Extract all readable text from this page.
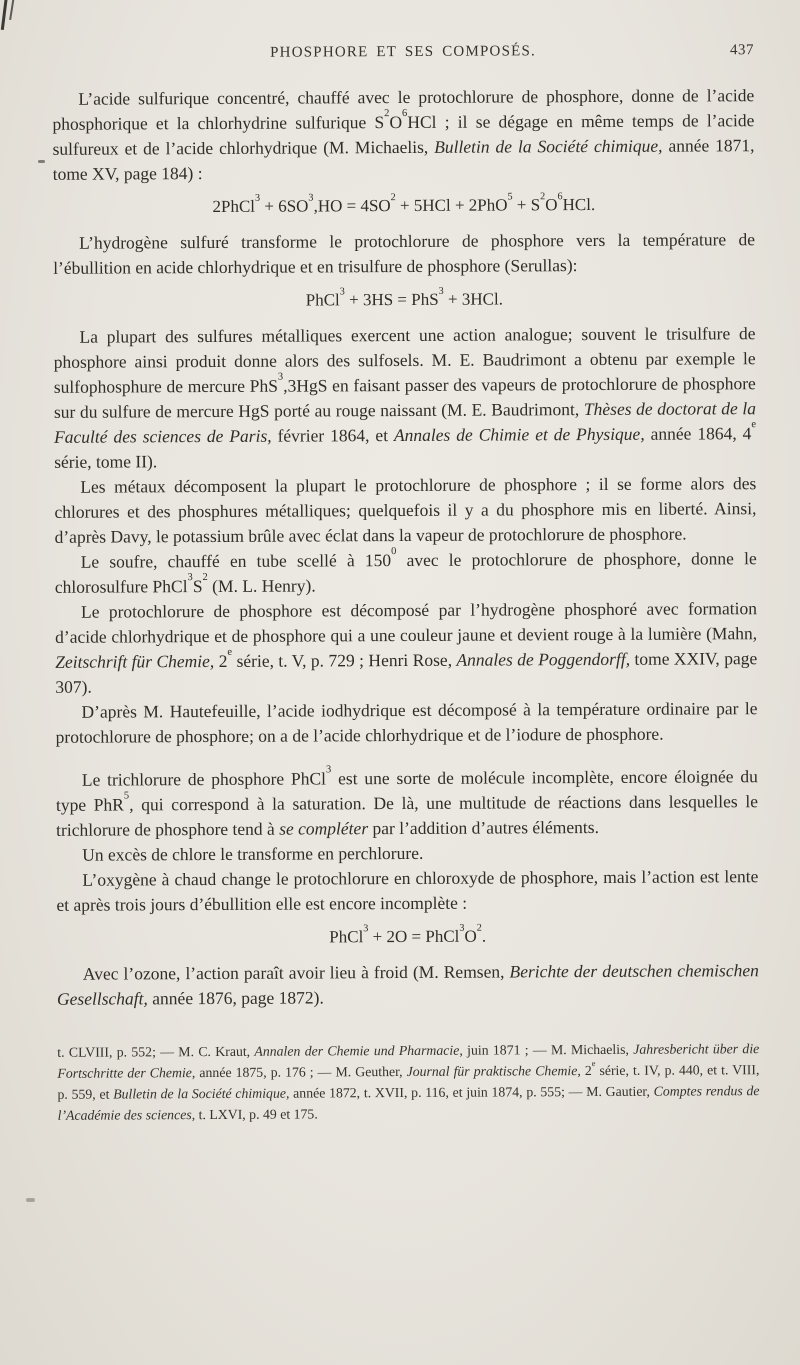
PHOSPHORE ET SES COMPOSÉS.	437

L’acide sulfurique concentré, chauffé avec le protochlorure de phosphore, donne de l’acide phosphorique et la chlorhydrine sulfurique $S^2O^6HCl$ ; il se dégage en même temps de l’acide sulfureux et de l’acide chlorhydrique (M. Michaelis, Bulletin de la Société chimique, année 1871, tome XV, page 184) :

2PhCl$^3$ + $6SO^3,HO = 4SO^2 + 5HCl + 2PhO^5 + S^2O^6HCl$.

L’hydrogène sulfuré transforme le protochlorure de phosphore vers la température de l’ébullition en acide chlorhydrique et en trisulfure de phosphore (Serullas):

PhCl$^3$ + 3HS = PhS$^3$ + 3HCl.

La plupart des sulfures métalliques exercent une action analogue; souvent le trisulfure de phosphore ainsi produit donne alors des sulfosels. M. E. Baudrimont a obtenu par exemple le sulfophosphure de mercure PhS$^3$,3HgS en faisant passer des vapeurs de protochlorure de phosphore sur du sulfure de mercure HgS porté au rouge naissant (M. E. Baudrimont, Thèses de doctorat de la Faculté des sciences de Paris, février 1864, et Annales de Chimie et de Physique, année 1864, 4e série, tome II).

Les métaux décomposent la plupart le protochlorure de phosphore ; il se forme alors des chlorures et des phosphures métalliques; quelquefois il y a du phosphore mis en liberté. Ainsi, d’après Davy, le potassium brûle avec éclat dans la vapeur de protochlorure de phosphore.

Le soufre, chauffé en tube scellé à $150^0$ avec le protochlorure de phosphore, donne le chlorosulfure $PhCl^3S^2$ (M. L. Henry).

Le protochlorure de phosphore est décomposé par l’hydrogène phosphoré avec formation d’acide chlorhydrique et de phosphore qui a une couleur jaune et devient rouge à la lumière (Mahn, Zeitschrift für Chemie, 2e série, t. V, p. 729 ; Henri Rose, Annales de Poggendorff, tome XXIV, page 307).

D’après M. Hautefeuille, l’acide iodhydrique est décomposé à la température ordinaire par le protochlorure de phosphore; on a de l’acide chlorhydrique et de l’iodure de phosphore.

Le trichlorure de phosphore PhCl$^3$ est une sorte de molécule incomplète, encore éloignée du type PhR$^5$, qui correspond à la saturation. De là, une multitude de réactions dans lesquelles le trichlorure de phosphore tend à se compléter par l’addition d’autres éléments.

Un excès de chlore le transforme en perchlorure.

L’oxygène à chaud change le protochlorure en chloroxyde de phosphore, mais l’action est lente et après trois jours d’ébullition elle est encore incomplète :

PhCl$^3$ + $2O = PhCl^3O^2$.

Avec l’ozone, l’action paraît avoir lieu à froid (M. Remsen, Berichte der deutschen chemischen Gesellschaft, année 1876, page 1872).

t. CLVIII, p. 552; — M. C. Kraut, Annalen der Chemie und Pharmacie, juin 1871 ; — M. Michaelis, Jahresbericht über die Fortschritte der Chemie, année 1875, p. 176 ; — M. Geuther, Journal für praktische Chemie, 2e série, t. IV, p. 440, et t. VIII, p. 559, et Bulletin de la Société chimique, année 1872, t. XVII, p. 116, et juin 1874, p. 555; — M. Gautier, Comptes rendus de l’Académie des sciences, t. LXVI, p. 49 et 175.
